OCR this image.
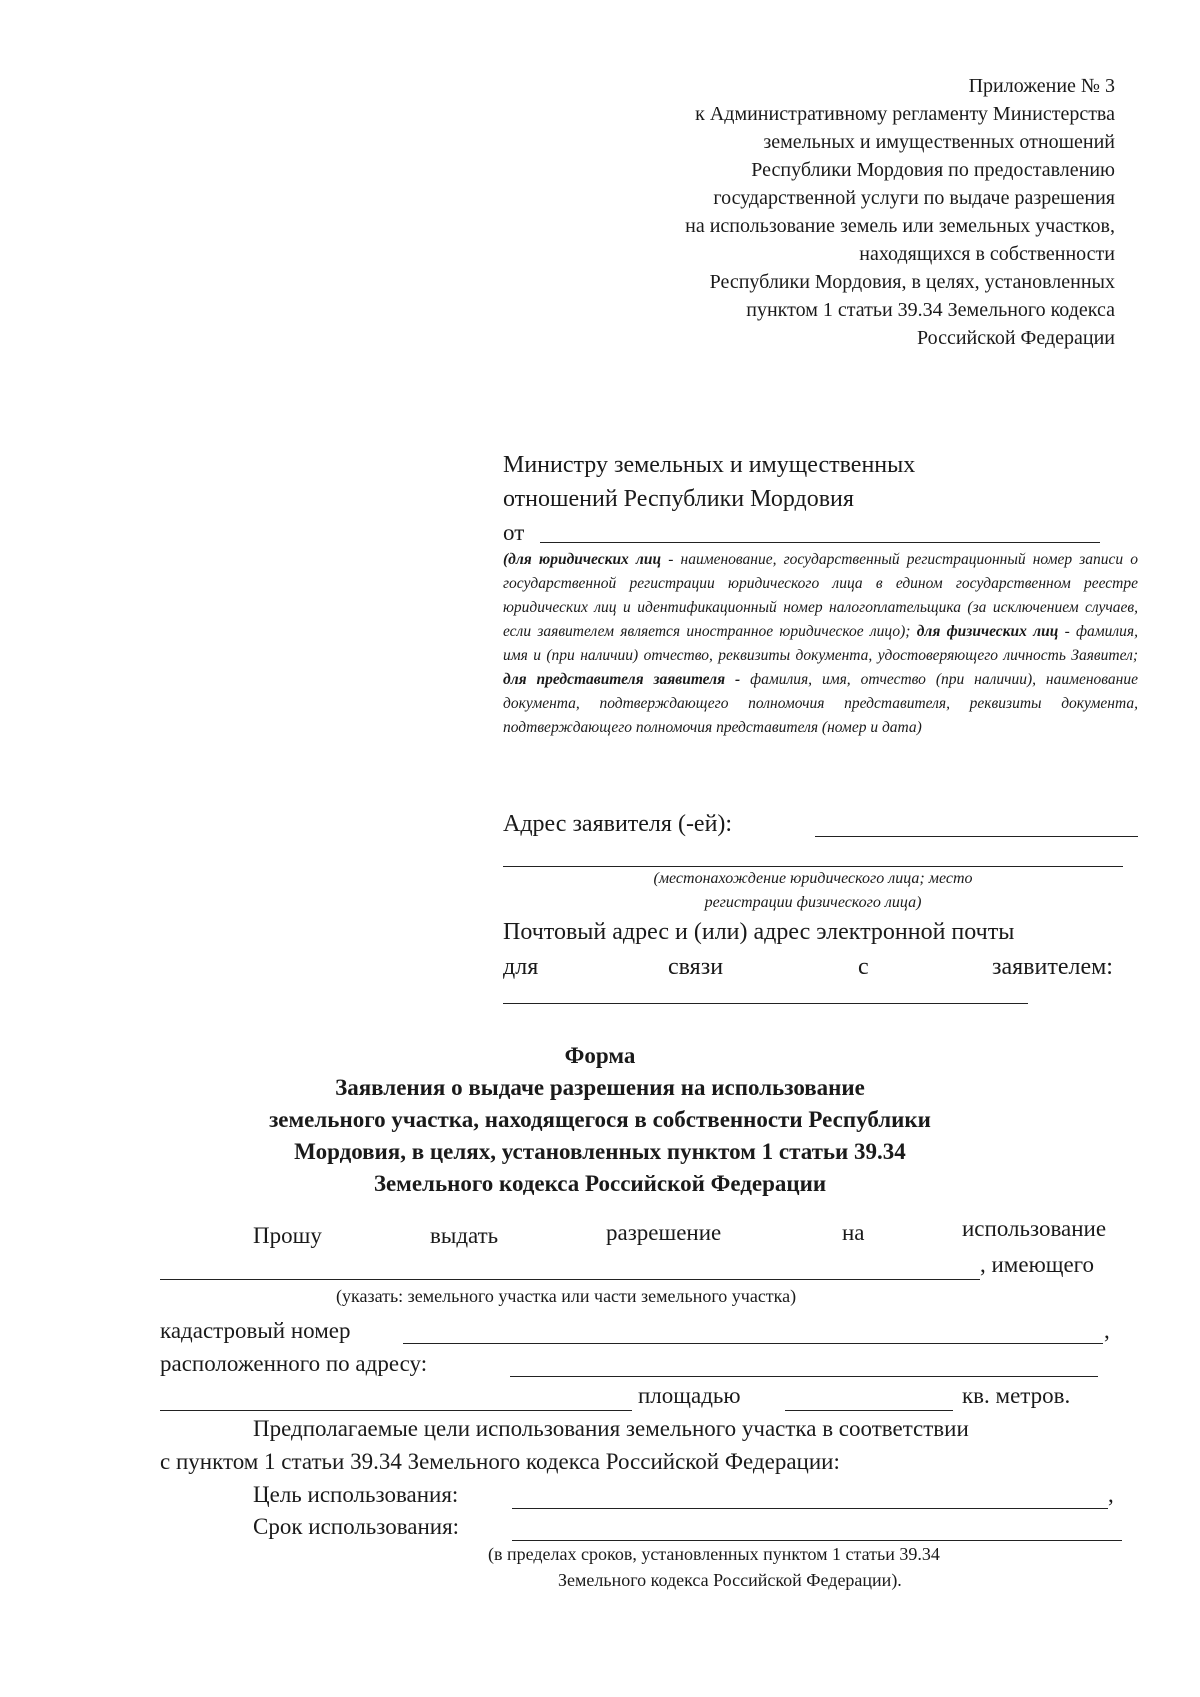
Приложение № 3
к Административному регламенту Министерства
земельных и имущественных отношений
Республики Мордовия по предоставлению
государственной услуги по выдаче разрешения
на использование земель или земельных участков,
находящихся в собственности
Республики Мордовия, в целях, установленных
пунктом 1 статьи 39.34 Земельного кодекса
Российской Федерации
Министру земельных и имущественных
отношений Республики Мордовия
от
(для юридических лиц - наименование, государственный регистрационный номер записи о государственной регистрации юридического лица в едином государственном реестре юридических лиц и идентификационный номер налогоплательщика (за исключением случаев, если заявителем является иностранное юридическое лицо); для физических лиц - фамилия, имя и (при наличии) отчество, реквизиты документа, удостоверяющего личность Заявител; для представителя заявителя - фамилия, имя, отчество (при наличии), наименование документа, подтверждающего полномочия представителя, реквизиты документа, подтверждающего полномочия представителя (номер и дата)
Адрес заявителя (-ей):
(местонахождение юридического лица; место
регистрации физического лица)
Почтовый адрес и (или) адрес электронной почты
для	связи	с	заявителем:
Форма
Заявления о выдаче разрешения на использование
земельного участка, находящегося в собственности Республики
Мордовия, в целях, установленных пунктом 1 статьи 39.34
Земельного кодекса Российской Федерации
Прошу	выдать	разрешение	на	использование
, имеющего
(указать: земельного участка или части земельного участка)
кадастровый номер	,
расположенного по адресу:
площадью	кв. метров.
Предполагаемые цели использования земельного участка в соответствии
с пунктом 1 статьи 39.34 Земельного кодекса Российской Федерации:
Цель использования:	,
Срок использования:
(в пределах сроков, установленных пунктом 1 статьи 39.34
Земельного кодекса Российской Федерации).
